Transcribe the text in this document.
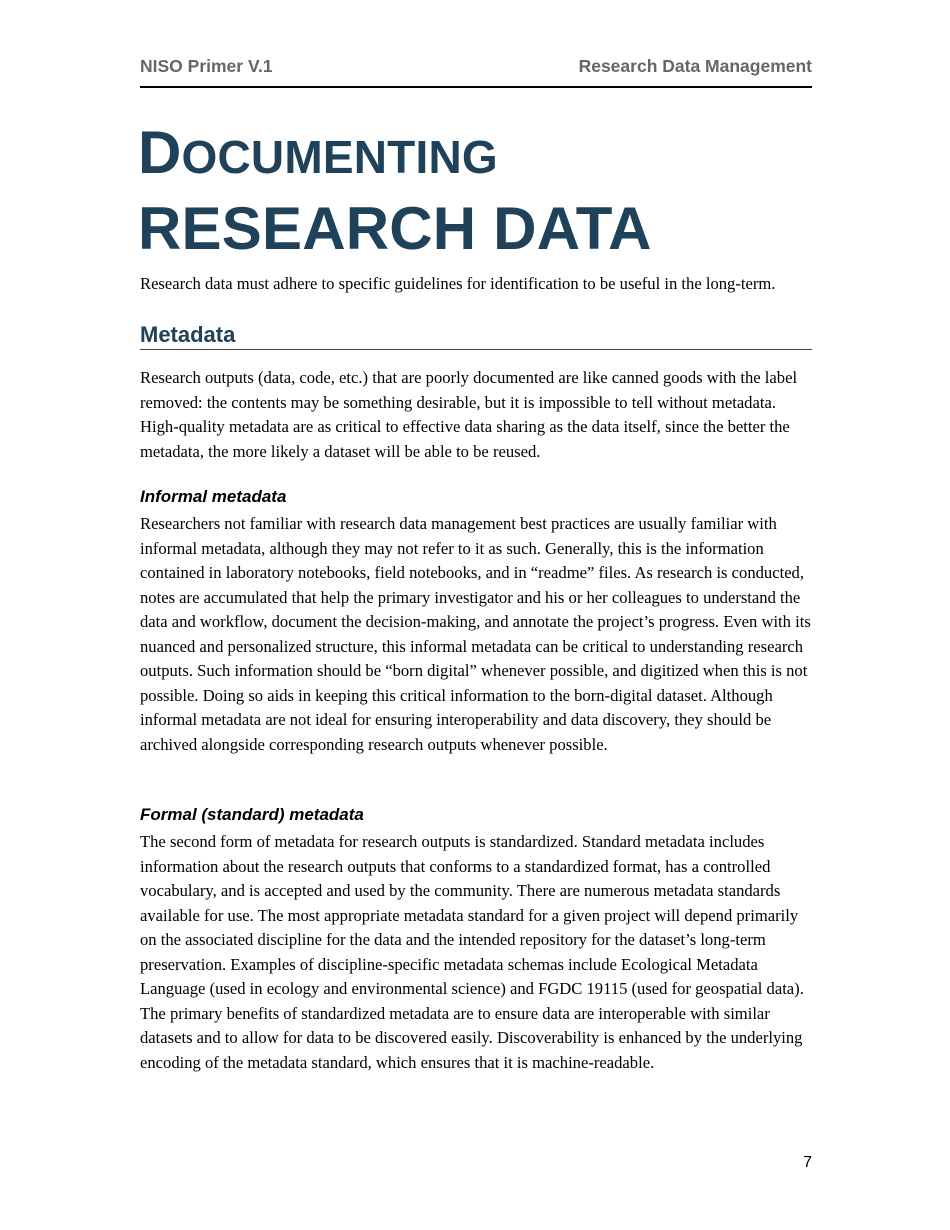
NISO Primer V.1	Research Data Management
DOCUMENTING
RESEARCH DATA

Research data must adhere to specific guidelines for identification to be useful in the long-term.

Metadata

Research outputs (data, code, etc.) that are poorly documented are like canned goods with the label removed: the contents may be something desirable, but it is impossible to tell without metadata. High-quality metadata are as critical to effective data sharing as the data itself, since the better the metadata, the more likely a dataset will be able to be reused.

Informal metadata

Researchers not familiar with research data management best practices are usually familiar with informal metadata, although they may not refer to it as such. Generally, this is the information contained in laboratory notebooks, field notebooks, and in “readme” files. As research is conducted, notes are accumulated that help the primary investigator and his or her colleagues to understand the data and workflow, document the decision-making, and annotate the project’s progress. Even with its nuanced and personalized structure, this informal metadata can be critical to understanding research outputs. Such information should be “born digital” whenever possible, and digitized when this is not possible. Doing so aids in keeping this critical information to the born-digital dataset. Although informal metadata are not ideal for ensuring interoperability and data discovery, they should be archived alongside corresponding research outputs whenever possible.

Formal (standard) metadata

The second form of metadata for research outputs is standardized. Standard metadata includes information about the research outputs that conforms to a standardized format, has a controlled vocabulary, and is accepted and used by the community. There are numerous metadata standards available for use. The most appropriate metadata standard for a given project will depend primarily on the associated discipline for the data and the intended repository for the dataset’s long-term preservation. Examples of discipline-specific metadata schemas include Ecological Metadata Language (used in ecology and environmental science) and FGDC 19115 (used for geospatial data). The primary benefits of standardized metadata are to ensure data are interoperable with similar datasets and to allow for data to be discovered easily. Discoverability is enhanced by the underlying encoding of the metadata standard, which ensures that it is machine-readable.

7
